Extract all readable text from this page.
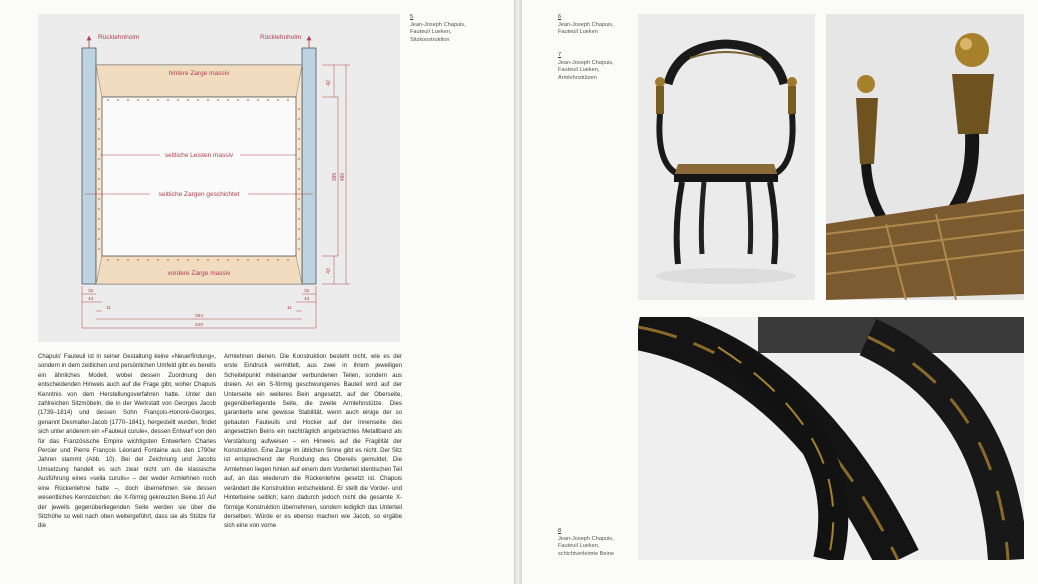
Rücklehnholm	Rücklehnholm
hintere Zarge massiv
vordere Zarge massiv
seitliche Leisten massiv
seitliche Zargen geschichtet
42
395 480
43
32
43
11
32
43
11
354
440
5
Jean-Joseph Chapuis, Fauteuil Lueken, Sitzkonstruktion
Chapuis' Fauteuil ist in seiner Gestaltung keine »Neuerfindung«, sondern in dem zeitlichen und persönlichen Umfeld gibt es bereits ein ähnliches Modell, wobei dessen Zuordnung den entscheidenden Hinweis auch auf die Frage gibt, woher Chapuis Kenntnis von dem Herstellungsverfahren hatte. Unter den zahlreichen Sitzmöbeln, die in der Werkstatt von Georges Jacob (1739–1814) und dessen Sohn François-Honoré-Georges, genannt Desmalter-Jacob (1770–1841), hergestellt wurden, findet sich unter anderem ein »Fauteuil curule«, dessen Entwurf von den für das Französische Empire wichtigsten Entwerfern Charles Percier und Pierre François Léonard Fontaine aus den 1790er Jahren stammt (Abb. 10). Bei der Zeichnung und Jacobs Umsetzung handelt es sich zwar nicht um die klassische Ausführung eines »sella curulis« – der weder Armlehnen noch eine Rückenlehne hatte –, doch übernehmen sie dessen wesentliches Kennzeichen: die X-förmig gekreuzten Beine.10 Auf der jeweils gegenüberliegenden Seite werden sie über die Sitzhöhe so weit nach oben weitergeführt, dass sie als Stütze für die
Armlehnen dienen. Die Konstruktion besteht nicht, wie es der erste Eindruck vermittelt, aus zwei in ihrem jeweiligen Scheitelpunkt miteinander verbundenen Teilen, sondern aus dreien. An ein S-förmig geschwungenes Bauteil wird auf der Unterseite ein weiteres Bein angesetzt, auf der Oberseite, gegenüberliegende Seite, die zweite Armlehnstütze. Dies garantierte eine gewisse Stabilität, wenn auch einige der so gebauten Fauteuils und Hocker auf der Innenseite des angesetzten Beins ein nachträglich angebrachtes Metallband als Verstärkung aufweisen – ein Hinweis auf die Fragilität der Konstruktion. Eine Zarge im üblichen Sinne gibt es nicht. Der Sitz ist entsprechend der Rundung des Obereils gemuldet. Die Armlehnen liegen hinten auf einem dem Vorderteil identischen Teil auf, an das wiederum die Rückenlehne gesetzt ist. Chapuis verändert die Konstruktion entscheidend. Er stellt die Vorder- und Hinterbeine seitlich; kann dadurch jedoch nicht die gesamte X-förmige Konstruktion übernehmen, sondern lediglich das Unterteil derselben. Würde er es ebenso machen wie Jacob, so ergäbe sich eine von vorne
6
Jean-Joseph Chapuis, Fauteuil Lueken
7
Jean-Joseph Chapuis, Fauteuil Lueken, Armlehnstützen
8
Jean-Joseph Chapuis, Fauteuil Lueken, schichtverleimte Beine
